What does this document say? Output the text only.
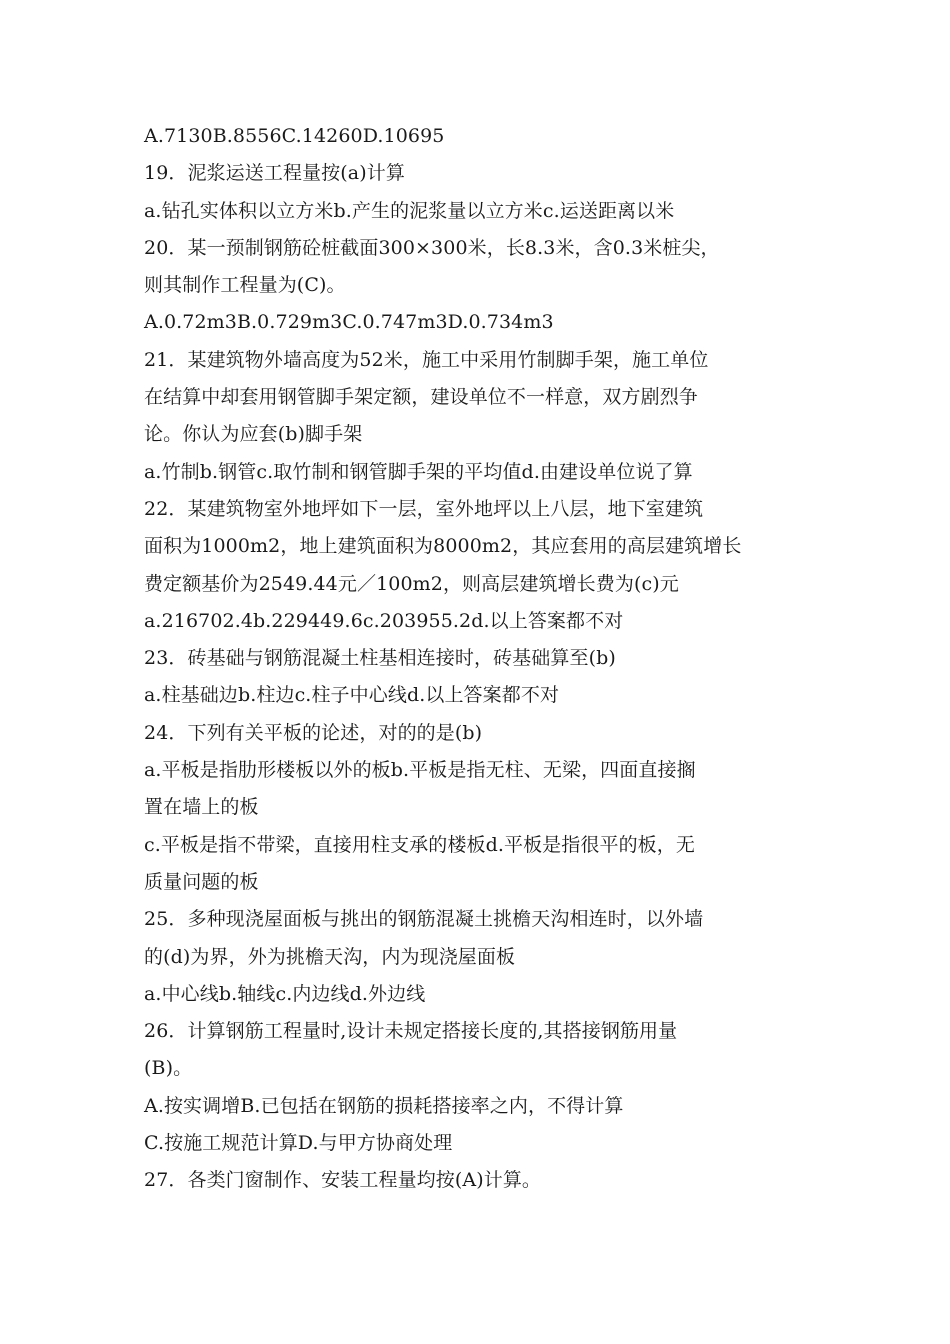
A.7130B.8556C.14260D.10695
19．泥浆运送工程量按(a)计算
a.钻孔实体积以立方米b.产生的泥浆量以立方米c.运送距离以米
20．某一预制钢筋砼桩截面300×300米，长8.3米，含0.3米桩尖，
则其制作工程量为(C)。
A.0.72m3B.0.729m3C.0.747m3D.0.734m3
21．某建筑物外墙高度为52米，施工中采用竹制脚手架，施工单位
在结算中却套用钢管脚手架定额，建设单位不一样意，双方剧烈争
论。你认为应套(b)脚手架
a.竹制b.钢管c.取竹制和钢管脚手架的平均值d.由建设单位说了算
22．某建筑物室外地坪如下一层，室外地坪以上八层，地下室建筑
面积为1000m2，地上建筑面积为8000m2，其应套用的高层建筑增长
费定额基价为2549.44元／100m2，则高层建筑增长费为(c)元
a.216702.4b.229449.6c.203955.2d.以上答案都不对
23．砖基础与钢筋混凝土柱基相连接时，砖基础算至(b)
a.柱基础边b.柱边c.柱子中心线d.以上答案都不对
24．下列有关平板的论述，对的的是(b)
a.平板是指肋形楼板以外的板b.平板是指无柱、无梁，四面直接搁
置在墙上的板
c.平板是指不带梁，直接用柱支承的楼板d.平板是指很平的板，无
质量问题的板
25．多种现浇屋面板与挑出的钢筋混凝土挑檐天沟相连时，以外墙
的(d)为界，外为挑檐天沟，内为现浇屋面板
a.中心线b.轴线c.内边线d.外边线
26．计算钢筋工程量时,设计未规定搭接长度的,其搭接钢筋用量
(B)。
A.按实调增B.已包括在钢筋的损耗搭接率之内，不得计算
C.按施工规范计算D.与甲方协商处理
27．各类门窗制作、安装工程量均按(A)计算。
